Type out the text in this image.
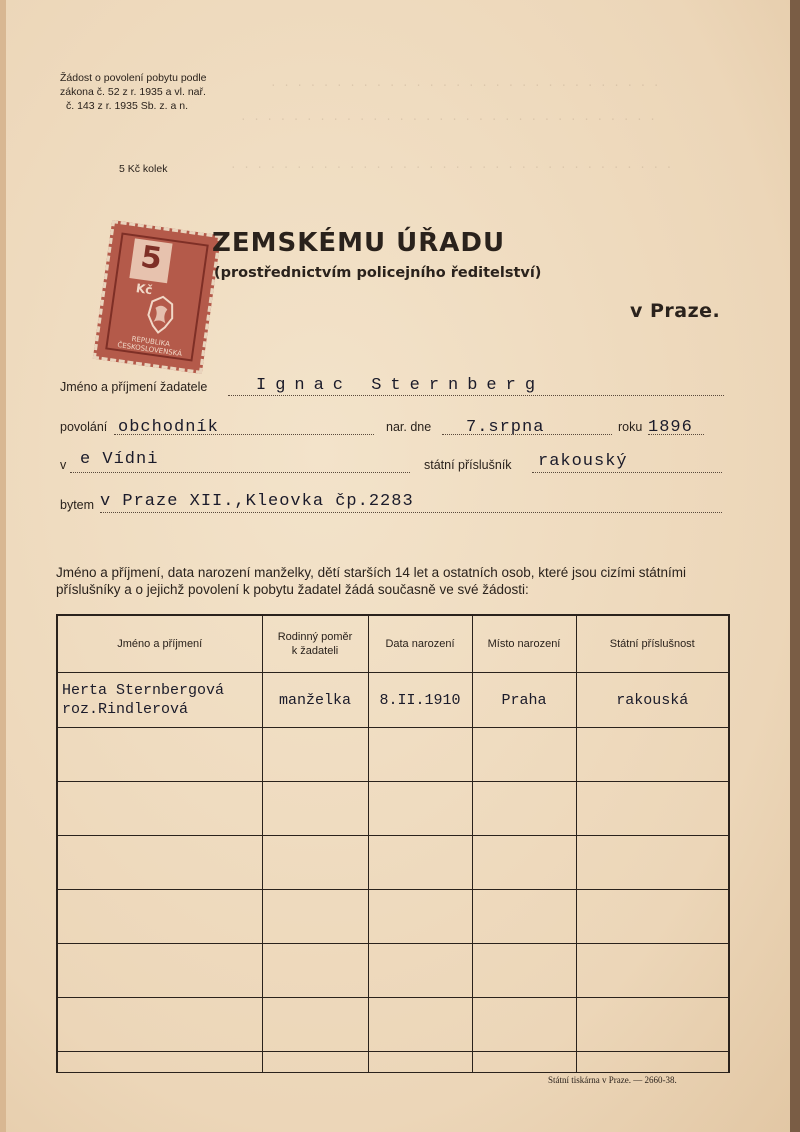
. . . . . . . . . . . . . . . . . . . . . . . . . . . . . .
. . . . . . . . . . . . . . . . . . . . . . . . . . . . . . . .
. . . . . . . . . . . . . . . . . . . . . . . . . . . . . . . . . .
Žádost o povolení pobytu podle
zákona č. 52 z r. 1935 a vl. nař.
č. 143 z r. 1935 Sb. z. a n.
5 Kč kolek
5
Kč
REPUBLIKA ČESKOSLOVENSKÁ
ZEMSKÉMU ÚŘADU
(prostřednictvím policejního ředitelství)
v Praze.
Jméno a příjmení žadatele	Ignac Sternberg
povolání obchodník	nar. dne 7.srpna	roku 1896
v e Vídni	státní příslušník rakouský
bytem v Praze XII.,Kleovka čp.2283
Jméno a příjmení, data narození manželky, dětí starších 14 let a ostatních osob, které jsou cizími státními příslušníky a o jejichž povolení k pobytu žadatel žádá současně ve své žádosti:
Jméno a příjmení	Rodinný poměr k žadateli	Data narození	Místo narození	Státní příslušnost

Herta Sternbergová
roz.Rindlerová	manželka	8.II.1910	Praha	rakouská

Státní tiskárna v Praze. — 2660-38.
